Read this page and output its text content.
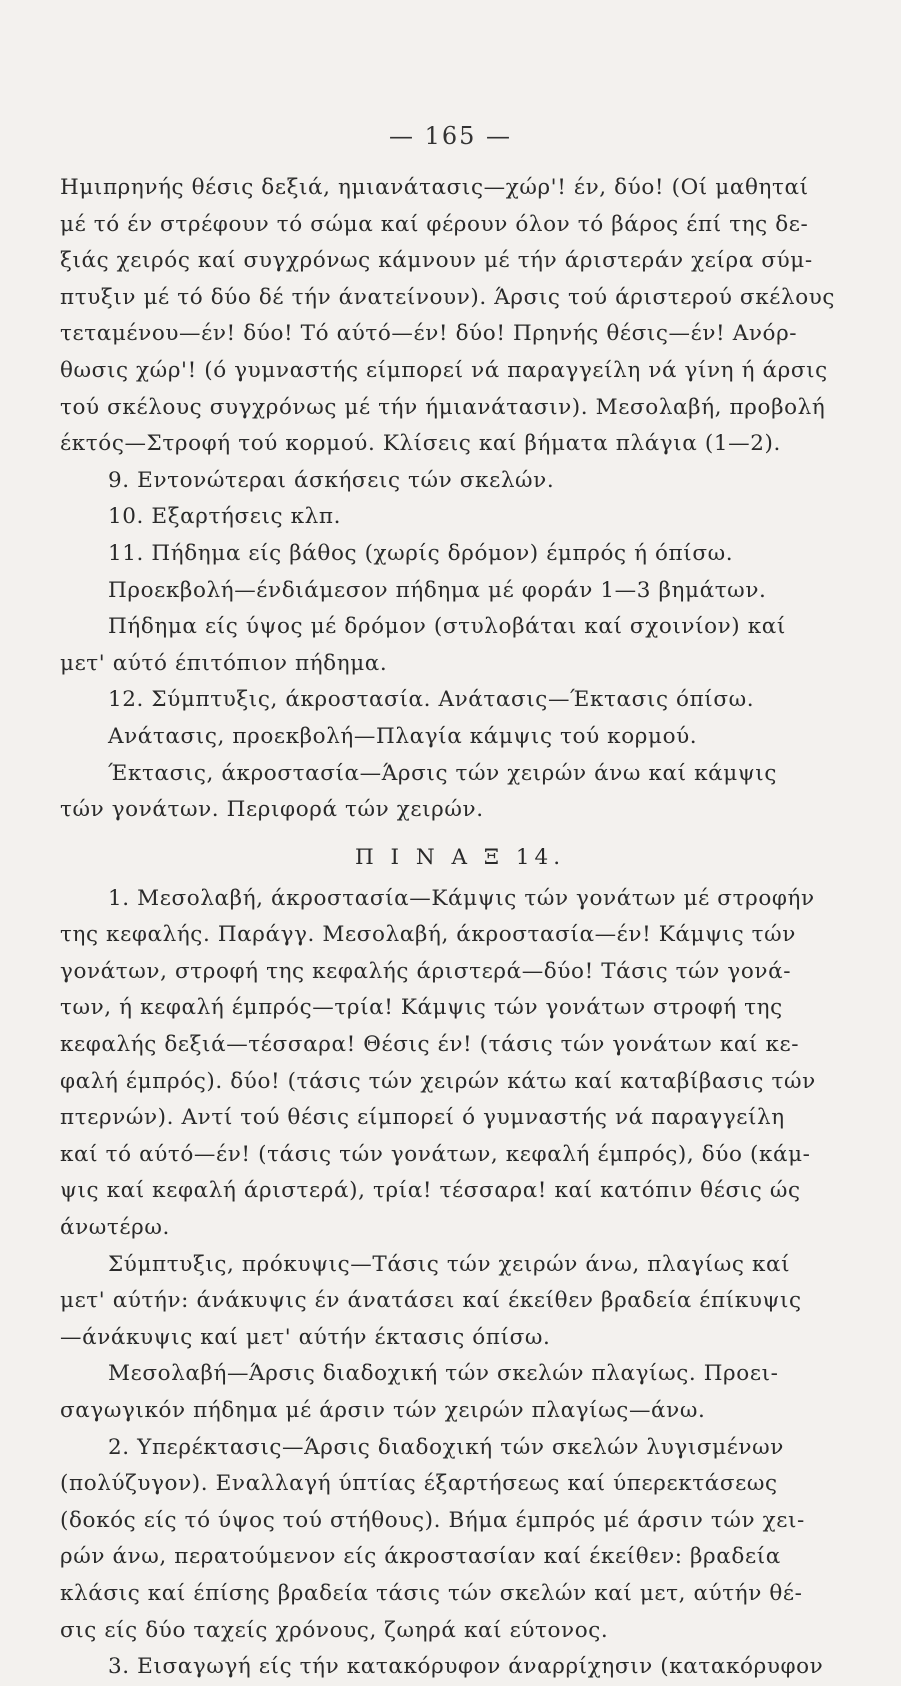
— 165 —
Ημιπρηνής θέσις δεξιά, ημιανάτασις—χώρ'! έν, δύο! (Οί μαθηταί
μέ τό έν στρέφουν τό σώμα καί φέρουν όλον τό βάρος έπί της δε-
ξιάς χειρός καί συγχρόνως κάμνουν μέ τήν άριστεράν χείρα σύμ-
πτυξιν μέ τό δύο δέ τήν άνατείνουν). Άρσις τού άριστερού σκέλους
τεταμένου—έν! δύο! Τό αύτό—έν! δύο! Πρηνής θέσις—έν! Ανόρ-
θωσις χώρ'! (ό γυμναστής είμπορεί νά παραγγείλη νά γίνη ή άρσις
τού σκέλους συγχρόνως μέ τήν ήμιανάτασιν). Μεσολαβή, προβολή
έκτός—Στροφή τού κορμού. Κλίσεις καί βήματα πλάγια (1—2).
9. Εντονώτεραι άσκήσεις τών σκελών.
10. Εξαρτήσεις κλπ.
11. Πήδημα είς βάθος (χωρίς δρόμον) έμπρός ή όπίσω.
Προεκβολή—ένδιάμεσον πήδημα μέ φοράν 1—3 βημάτων.
Πήδημα είς ύψος μέ δρόμον (στυλοβάται καί σχοινίον) καί
μετ' αύτό έπιτόπιον πήδημα.
12. Σύμπτυξις, άκροστασία. Ανάτασις—Έκτασις όπίσω.
Ανάτασις, προεκβολή—Πλαγία κάμψις τού κορμού.
Έκτασις, άκροστασία—Άρσις τών χειρών άνω καί κάμψις
τών γονάτων. Περιφορά τών χειρών.
Π Ι Ν Α Ξ 14.
1. Μεσολαβή, άκροστασία—Κάμψις τών γονάτων μέ στροφήν
της κεφαλής. Παράγγ. Μεσολαβή, άκροστασία—έν! Κάμψις τών
γονάτων, στροφή της κεφαλής άριστερά—δύο! Τάσις τών γονά-
των, ή κεφαλή έμπρός—τρία! Κάμψις τών γονάτων στροφή της
κεφαλής δεξιά—τέσσαρα! Θέσις έν! (τάσις τών γονάτων καί κε-
φαλή έμπρός). δύο! (τάσις τών χειρών κάτω καί καταβίβασις τών
πτερνών). Αντί τού θέσις είμπορεί ό γυμναστής νά παραγγείλη
καί τό αύτό—έν! (τάσις τών γονάτων, κεφαλή έμπρός), δύο (κάμ-
ψις καί κεφαλή άριστερά), τρία! τέσσαρα! καί κατόπιν θέσις ώς
άνωτέρω.
Σύμπτυξις, πρόκυψις—Τάσις τών χειρών άνω, πλαγίως καί
μετ' αύτήν: άνάκυψις έν άνατάσει καί έκείθεν βραδεία έπίκυψις
—άνάκυψις καί μετ' αύτήν έκτασις όπίσω.
Μεσολαβή—Άρσις διαδοχική τών σκελών πλαγίως. Προει-
σαγωγικόν πήδημα μέ άρσιν τών χειρών πλαγίως—άνω.
2. Υπερέκτασις—Άρσις διαδοχική τών σκελών λυγισμένων
(πολύζυγον). Εναλλαγή ύπτίας έξαρτήσεως καί ύπερεκτάσεως
(δοκός είς τό ύψος τού στήθους). Βήμα έμπρός μέ άρσιν τών χει-
ρών άνω, περατούμενον είς άκροστασίαν καί έκείθεν: βραδεία
κλάσις καί έπίσης βραδεία τάσις τών σκελών καί μετ, αύτήν θέ-
σις είς δύο ταχείς χρόνους, ζωηρά καί εύτονος.
3. Εισαγωγή είς τήν κατακόρυφον άναρρίχησιν (κατακόρυφον
